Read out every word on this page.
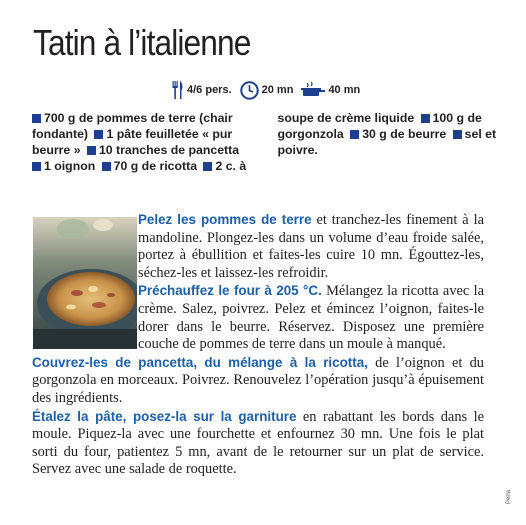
Tatin à l’italienne
4/6 pers.	20 mn	40 mn

700 g de pommes de terre (chair fondante) 1 pâte feuilletée « pur beurre » 10 tranches de pancetta 1 oignon 70 g de ricotta 2 c. à soupe de crème liquide 100 g de gorgonzola 30 g de beurre sel et poivre.

Pelez les pommes de terre et tranchez-les finement à la mandoline. Plongez-les dans un volume d’eau froide salée, portez à ébullition et faites-les cuire 10 mn. Égouttez-les, séchez-les et laissez-les refroidir.

Préchauffez le four à 205 °C. Mélangez la ricotta avec la crème. Salez, poivrez. Pelez et émincez l’oignon, faites-le dorer dans le beurre. Réservez. Disposez une première couche de pommes de terre dans un moule à manqué.

Couvrez-les de pancetta, du mélange à la ricotta, de l’oignon et du gorgonzola en morceaux. Poivrez. Renouvelez l’opération jusqu’à épuisement des ingrédients.

Étalez la pâte, posez-la sur la garniture en rabattant les bords dans le moule. Piquez-la avec une fourchette et enfournez 30 mn. Une fois le plat sorti du four, patientez 5 mn, avant de le retourner sur un plat de service. Servez avec une salade de roquette.

Perla
